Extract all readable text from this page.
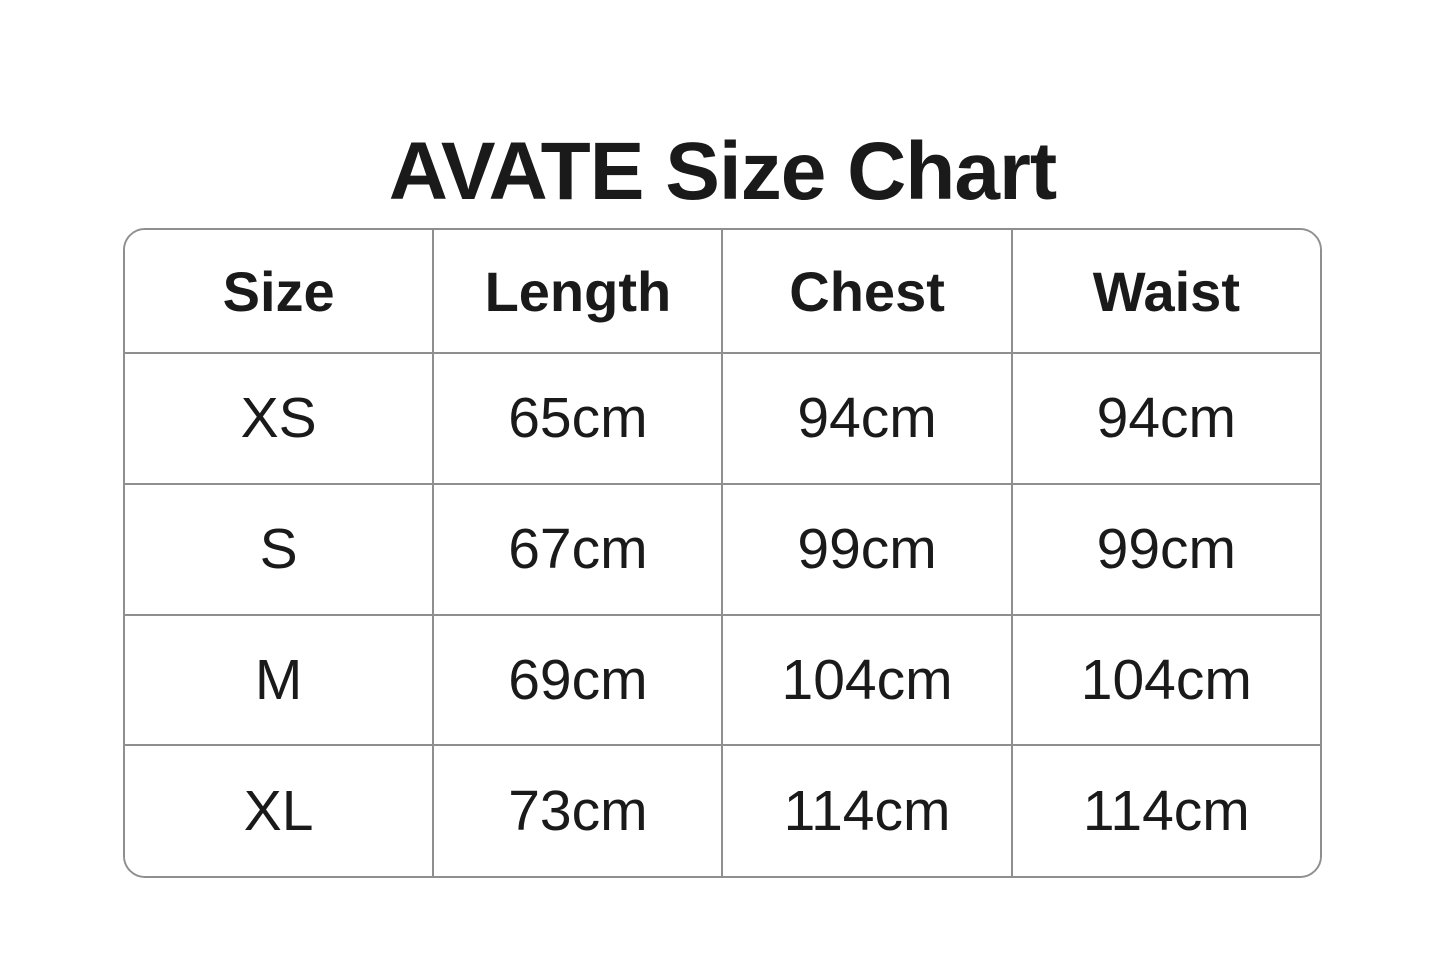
AVATE Size Chart
Size	Length	Chest	Waist
XS	65cm	94cm	94cm
S	67cm	99cm	99cm
M	69cm	104cm	104cm
XL	73cm	114cm	114cm
